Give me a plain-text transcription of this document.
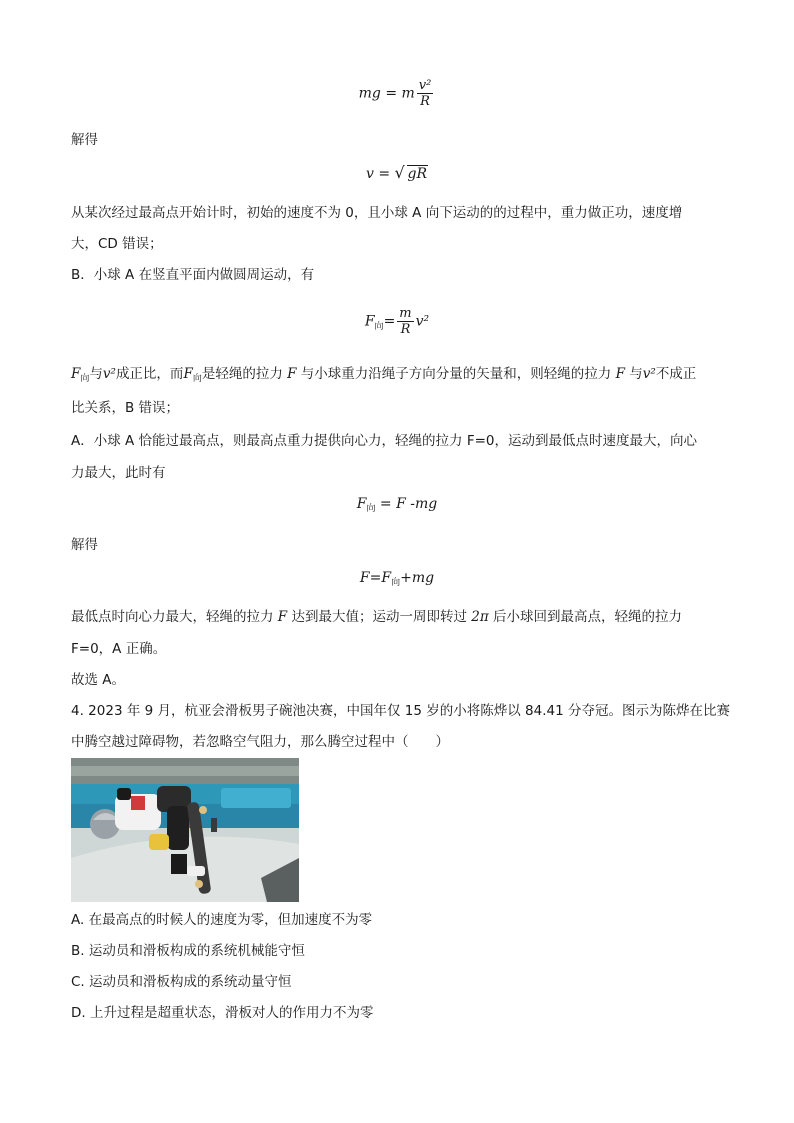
mg = m $\frac{\text{v²}}{R}$
解得
v = √ gR
从某次经过最高点开始计时，初始的速度不为 0，且小球 A 向下运动的的过程中，重力做正功，速度增
大，CD 错误；
B．小球 A 在竖直平面内做圆周运动，有
$F_向= \frac{m}{R} v^2$
$F_向$与v²成正比，而$F_向$是轻绳的拉力 F 与小球重力沿绳子方向分量的矢量和，则轻绳的拉力 F 与v²不成正
比关系，B 错误；
A．小球 A 恰能过最高点，则最高点重力提供向心力，轻绳的拉力 F=0，运动到最低点时速度最大，向心
力最大，此时有
$F_向 = F$ -mg
解得
$F=F_向+mg$
最低点时向心力最大，轻绳的拉力 F 达到最大值；运动一周即转过 2π 后小球回到最高点，轻绳的拉力
F=0，A 正确。
故选 A。
4. 2023 年 9 月，杭亚会滑板男子碗池决赛，中国年仅 15 岁的小将陈烨以 84.41 分夺冠。图示为陈烨在比赛
中腾空越过障碍物，若忽略空气阻力，那么腾空过程中（　　）
A. 在最高点的时候人的速度为零，但加速度不为零
B. 运动员和滑板构成的系统机械能守恒
C. 运动员和滑板构成的系统动量守恒
D. 上升过程是超重状态，滑板对人的作用力不为零
